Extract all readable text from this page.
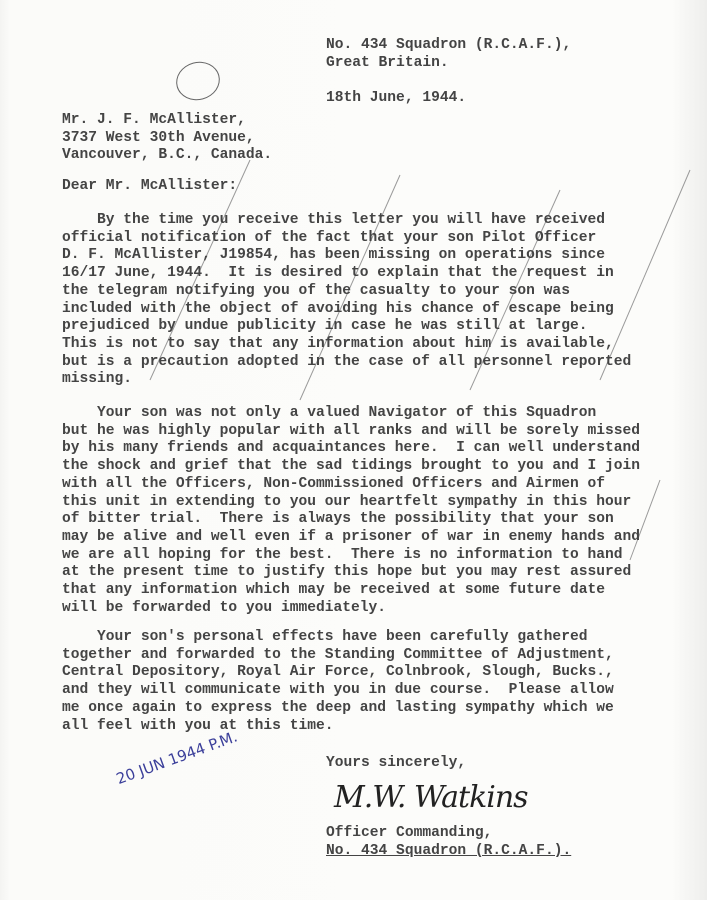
No. 434 Squadron (R.C.A.F.),
Great Britain.
18th June, 1944.
Mr. J. F. McAllister,
3737 West 30th Avenue,
Vancouver, B.C., Canada.
Dear Mr. McAllister:
By the time you receive this letter you will have received
official notification of the fact that your son Pilot Officer
D. F. McAllister, J19854, has been missing on operations since
16/17 June, 1944.  It is desired to explain that the request in
the telegram notifying you of the casualty to your son was
included with the object of avoiding his chance of escape being
prejudiced by undue publicity in case he was still at large.
This is not to say that any information about him is available,
but is a precaution adopted in the case of all personnel reported
missing.
Your son was not only a valued Navigator of this Squadron
but he was highly popular with all ranks and will be sorely missed
by his many friends and acquaintances here.  I can well understand
the shock and grief that the sad tidings brought to you and I join
with all the Officers, Non-Commissioned Officers and Airmen of
this unit in extending to you our heartfelt sympathy in this hour
of bitter trial.  There is always the possibility that your son
may be alive and well even if a prisoner of war in enemy hands and
we are all hoping for the best.  There is no information to hand
at the present time to justify this hope but you may rest assured
that any information which may be received at some future date
will be forwarded to you immediately.
Your son's personal effects have been carefully gathered
together and forwarded to the Standing Committee of Adjustment,
Central Depository, Royal Air Force, Colnbrook, Slough, Bucks.,
and they will communicate with you in due course.  Please allow
me once again to express the deep and lasting sympathy which we
all feel with you at this time.
Yours sincerely,
M.W. Watkins
Officer Commanding,
No. 434 Squadron (R.C.A.F.).
20 JUN 1944 P.M.
